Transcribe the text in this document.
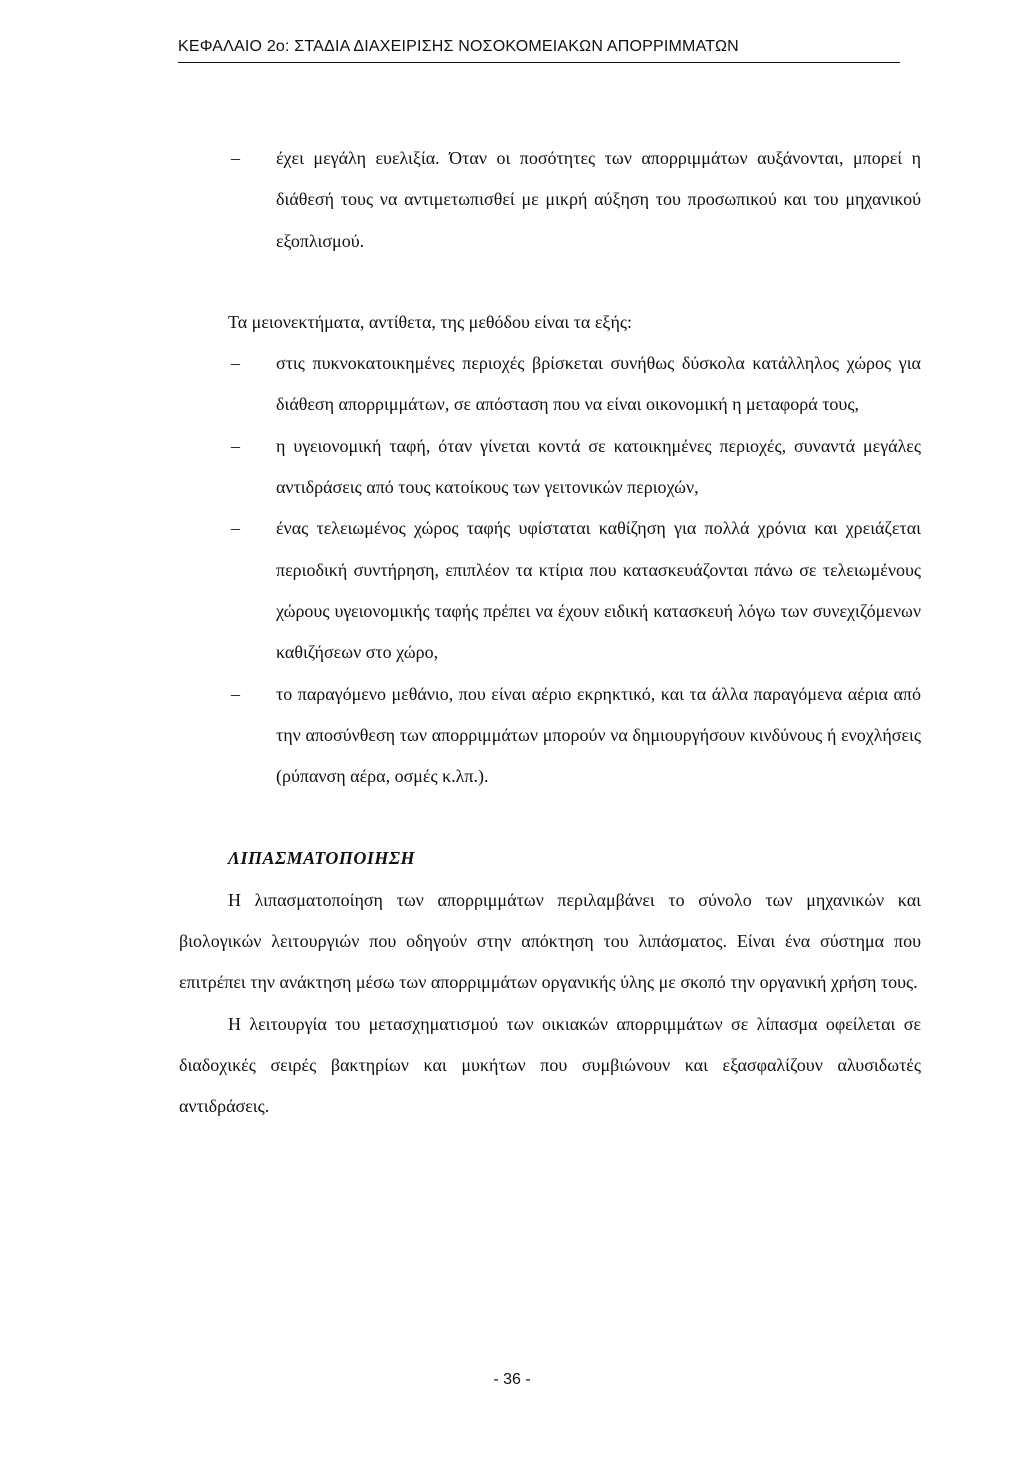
ΚΕΦΑΛΑΙΟ 2ο: ΣΤΑΔΙΑ ΔΙΑΧΕΙΡΙΣΗΣ ΝΟΣΟΚΟΜΕΙΑΚΩΝ ΑΠΟΡΡΙΜΜΑΤΩΝ
– έχει μεγάλη ευελιξία. Όταν οι ποσότητες των απορριμμάτων αυξάνονται, μπορεί η διάθεσή τους να αντιμετωπισθεί με μικρή αύξηση του προσωπικού και του μηχανικού εξοπλισμού.
Τα μειονεκτήματα, αντίθετα, της μεθόδου είναι τα εξής:
– στις πυκνοκατοικημένες περιοχές βρίσκεται συνήθως δύσκολα κατάλληλος χώρος για διάθεση απορριμμάτων, σε απόσταση που να είναι οικονομική η μεταφορά τους,
– η υγειονομική ταφή, όταν γίνεται κοντά σε κατοικημένες περιοχές, συναντά μεγάλες αντιδράσεις από τους κατοίκους των γειτονικών περιοχών,
– ένας τελειωμένος χώρος ταφής υφίσταται καθίζηση για πολλά χρόνια και χρειάζεται περιοδική συντήρηση, επιπλέον τα κτίρια που κατασκευάζονται πάνω σε τελειωμένους χώρους υγειονομικής ταφής πρέπει να έχουν ειδική κατασκευή λόγω των συνεχιζόμενων καθιζήσεων στο χώρο,
– το παραγόμενο μεθάνιο, που είναι αέριο εκρηκτικό, και τα άλλα παραγόμενα αέρια από την αποσύνθεση των απορριμμάτων μπορούν να δημιουργήσουν κινδύνους ή ενοχλήσεις (ρύπανση αέρα, οσμές κ.λπ.).
ΛΙΠΑΣΜΑΤΟΠΟΙΗΣΗ
Η λιπασματοποίηση των απορριμμάτων περιλαμβάνει το σύνολο των μηχανικών και βιολογικών λειτουργιών που οδηγούν στην απόκτηση του λιπάσματος. Είναι ένα σύστημα που επιτρέπει την ανάκτηση μέσω των απορριμμάτων οργανικής ύλης με σκοπό την οργανική χρήση τους.
Η λειτουργία του μετασχηματισμού των οικιακών απορριμμάτων σε λίπασμα οφείλεται σε διαδοχικές σειρές βακτηρίων και μυκήτων που συμβιώνουν και εξασφαλίζουν αλυσιδωτές αντιδράσεις.
- 36 -
